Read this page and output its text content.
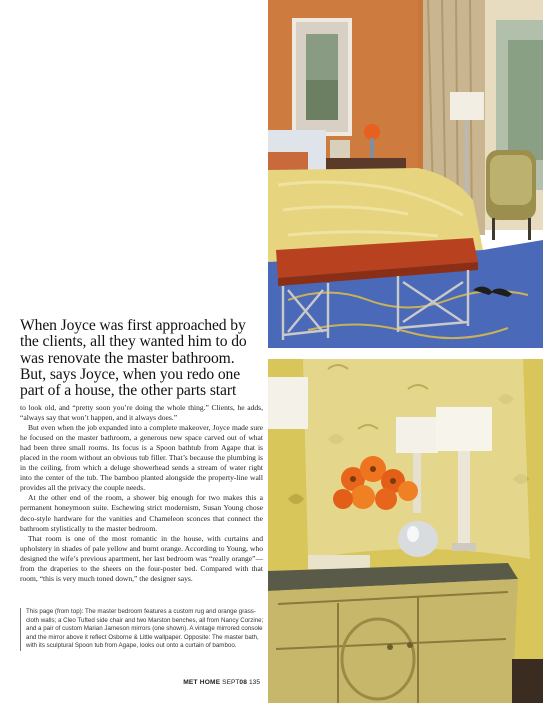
When Joyce was first approached by
the clients, all they wanted him to do
was renovate the master bathroom.
But, says Joyce, when you redo one
part of a house, the other parts start

to look old, and “pretty soon you’re doing the whole thing.” Clients, he adds, “always say that won’t happen, and it always does.”

But even when the job expanded into a complete makeover, Joyce made sure he focused on the master bathroom, a generous new space carved out of what had been three small rooms. Its focus is a Spoon bathtub from Agape that is placed in the room without an obvious tub filler. That’s because the plumbing is in the ceiling, from which a deluge showerhead sends a stream of water right into the center of the tub. The bamboo planted alongside the property-line wall provides all the privacy the couple needs.

At the other end of the room, a shower big enough for two makes this a permanent honeymoon suite. Eschewing strict modernism, Susan Young chose deco-style hardware for the vanities and Chameleon sconces that connect the bathroom stylistically to the master bedroom.

That room is one of the most romantic in the house, with curtains and upholstery in shades of pale yellow and burnt orange. According to Young, who designed the wife’s previous apartment, her last bedroom was “really orange”—from the draperies to the sheers on the four-poster bed. Compared with that room, “this is very much toned down,” the designer says.

This page (from top): The master bedroom features a custom rug and orange grass-cloth walls; a Cleo Tufted side chair and two Marston benches, all from Nancy Corzine; and a pair of custom Marian Jameson mirrors (one shown). A vintage mirrored console and the mirror above it reflect Osborne & Little wallpaper. Opposite: The master bath, with its sculptural Spoon tub from Agape, looks out onto a curtain of bamboo.
MET HOME SEPT08 135
